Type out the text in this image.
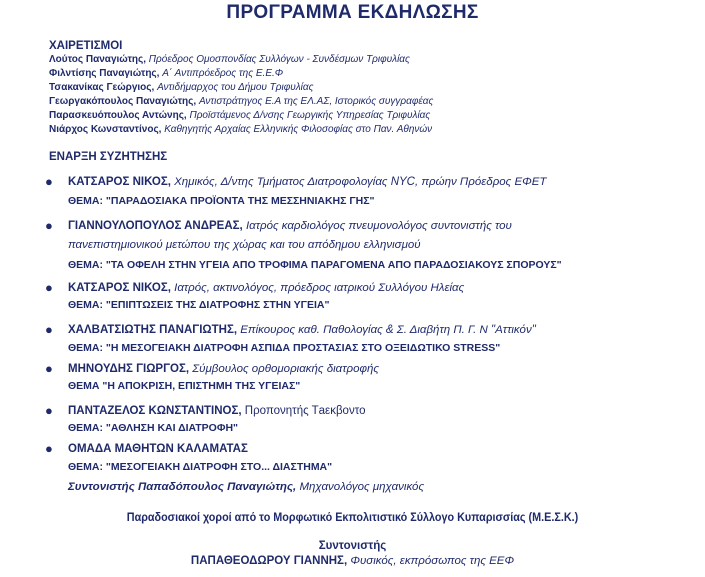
ΠΡΟΓΡΑΜΜΑ ΕΚΔΗΛΩΣΗΣ
ΧΑΙΡΕΤΙΣΜΟΙ
Λούτος Παναγιώτης, Πρόεδρος Ομοσπονδίας Συλλόγων - Συνδέσμων Τριφυλίας
Φιλντίσης Παναγιώτης, Α΄ Αντιπρόεδρος της Ε.Ε.Φ
Τσακανίκας Γεώργιος, Αντιδήμαρχος του Δήμου Τριφυλίας
Γεωργακόπουλος Παναγιώτης, Αντιστράτηγος Ε.Α της ΕΛ.ΑΣ, Ιστορικός συγγραφέας
Παρασκευόπουλος Αντώνης, Προϊστάμενος Δ/νσης Γεωργικής Υπηρεσίας Τριφυλίας
Νιάρχος Κωνσταντίνος, Καθηγητής Αρχαίας Ελληνικής Φιλοσοφίας στο Παν. Αθηνών
ΕΝΑΡΞΗ ΣΥΖΗΤΗΣΗΣ
● ΚΑΤΣΑΡΟΣ ΝΙΚΟΣ, Χημικός, Δ/ντης Τμήματος Διατροφολογίας NYC, πρώην Πρόεδρος ΕΦΕΤ
ΘΕΜΑ: "ΠΑΡΑΔΟΣΙΑΚΑ ΠΡΟΪΟΝΤΑ ΤΗΣ ΜΕΣΣΗΝΙΑΚΗΣ ΓΗΣ"
● ΓΙΑΝΝΟΥΛΟΠΟΥΛΟΣ ΑΝΔΡΕΑΣ, Ιατρός καρδιολόγος πνευμονολόγος συντονιστής του
πανεπιστημιονικού μετώπου της χώρας και του απόδημου ελληνισμού
ΘΕΜΑ: "ΤΑ ΟΦΕΛΗ ΣΤΗΝ ΥΓΕΙΑ ΑΠΟ ΤΡΟΦΙΜΑ ΠΑΡΑΓΟΜΕΝΑ ΑΠΟ ΠΑΡΑΔΟΣΙΑΚΟΥΣ ΣΠΟΡΟΥΣ"
● ΚΑΤΣΑΡΟΣ ΝΙΚΟΣ, Ιατρός, ακτινολόγος, πρόεδρος ιατρικού Συλλόγου Ηλείας
ΘΕΜΑ: "ΕΠΙΠΤΩΣΕΙΣ ΤΗΣ ΔΙΑΤΡΟΦΗΣ ΣΤΗΝ ΥΓΕΙΑ"
● ΧΑΛΒΑΤΣΙΩΤΗΣ ΠΑΝΑΓΙΩΤΗΣ, Επίκουρος καθ. Παθολογίας & Σ. Διαβήτη Π. Γ. Ν "Αττικόν"
ΘΕΜΑ: "Η ΜΕΣΟΓΕΙΑΚΗ ΔΙΑΤΡΟΦΗ ΑΣΠΙΔΑ ΠΡΟΣΤΑΣΙΑΣ ΣΤΟ ΟΞΕΙΔΩΤΙΚΟ STRESS"
● ΜΗΝΟΥΔΗΣ ΓΙΩΡΓΟΣ, Σύμβουλος ορθομοριακής διατροφής
ΘΕΜΑ "Η ΑΠΟΚΡΙΣΗ, ΕΠΙΣΤΗΜΗ ΤΗΣ ΥΓΕΙΑΣ"
● ΠΑΝΤΑΖΕΛΟΣ ΚΩΝΣΤΑΝΤΙΝΟΣ, Προπονητής Τaεκβοντο
ΘΕΜΑ: "ΑΘΛΗΣΗ ΚΑΙ ΔΙΑΤΡΟΦΗ"
● ΟΜΑΔΑ ΜΑΘΗΤΩΝ ΚΑΛΑΜΑΤΑΣ
ΘΕΜΑ: "ΜΕΣΟΓΕΙΑΚΗ ΔΙΑΤΡΟΦΗ ΣΤΟ... ΔΙΑΣΤΗΜΑ"
Συντονιστής Παπαδόπουλος Παναγιώτης, Μηχανολόγος μηχανικός
Παραδοσιακοί χοροί από το Μορφωτικό Εκπολιτιστικό Σύλλογο Κυπαρισσίας (Μ.Ε.Σ.Κ.)
Συντονιστής
ΠΑΠΑΘΕΟΔΩΡΟΥ ΓΙΑΝΝΗΣ, Φυσικός, εκπρόσωπος της ΕΕΦ
